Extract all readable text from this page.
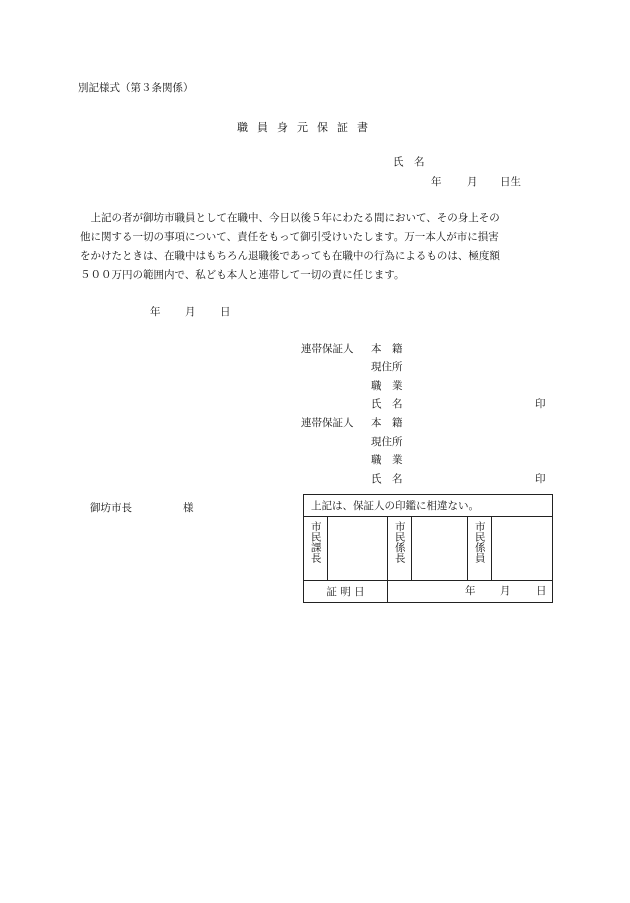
別記様式（第３条関係）
職員身元保証書
氏　名
年 月 日生

　上記の者が御坊市職員として在職中、今日以後５年にわたる間において、その身上その

他に関する一切の事項について、責任をもって御引受けいたします。万一本人が市に損害

をかけたときは、在職中はもちろん退職後であっても在職中の行為によるものは、極度額

５００万円の範囲内で、私ども本人と連帯して一切の責に任じます。

年 月 日
連帯保証人 本　籍
現住所
職　業
氏　名	印
連帯保証人 本　籍
現住所
職　業
氏　名	印
御坊市長	様	上記は、保証人の印鑑に相違ない。					
市民課長		市民係長		市民係員	
証 明 日		年 月 日			
